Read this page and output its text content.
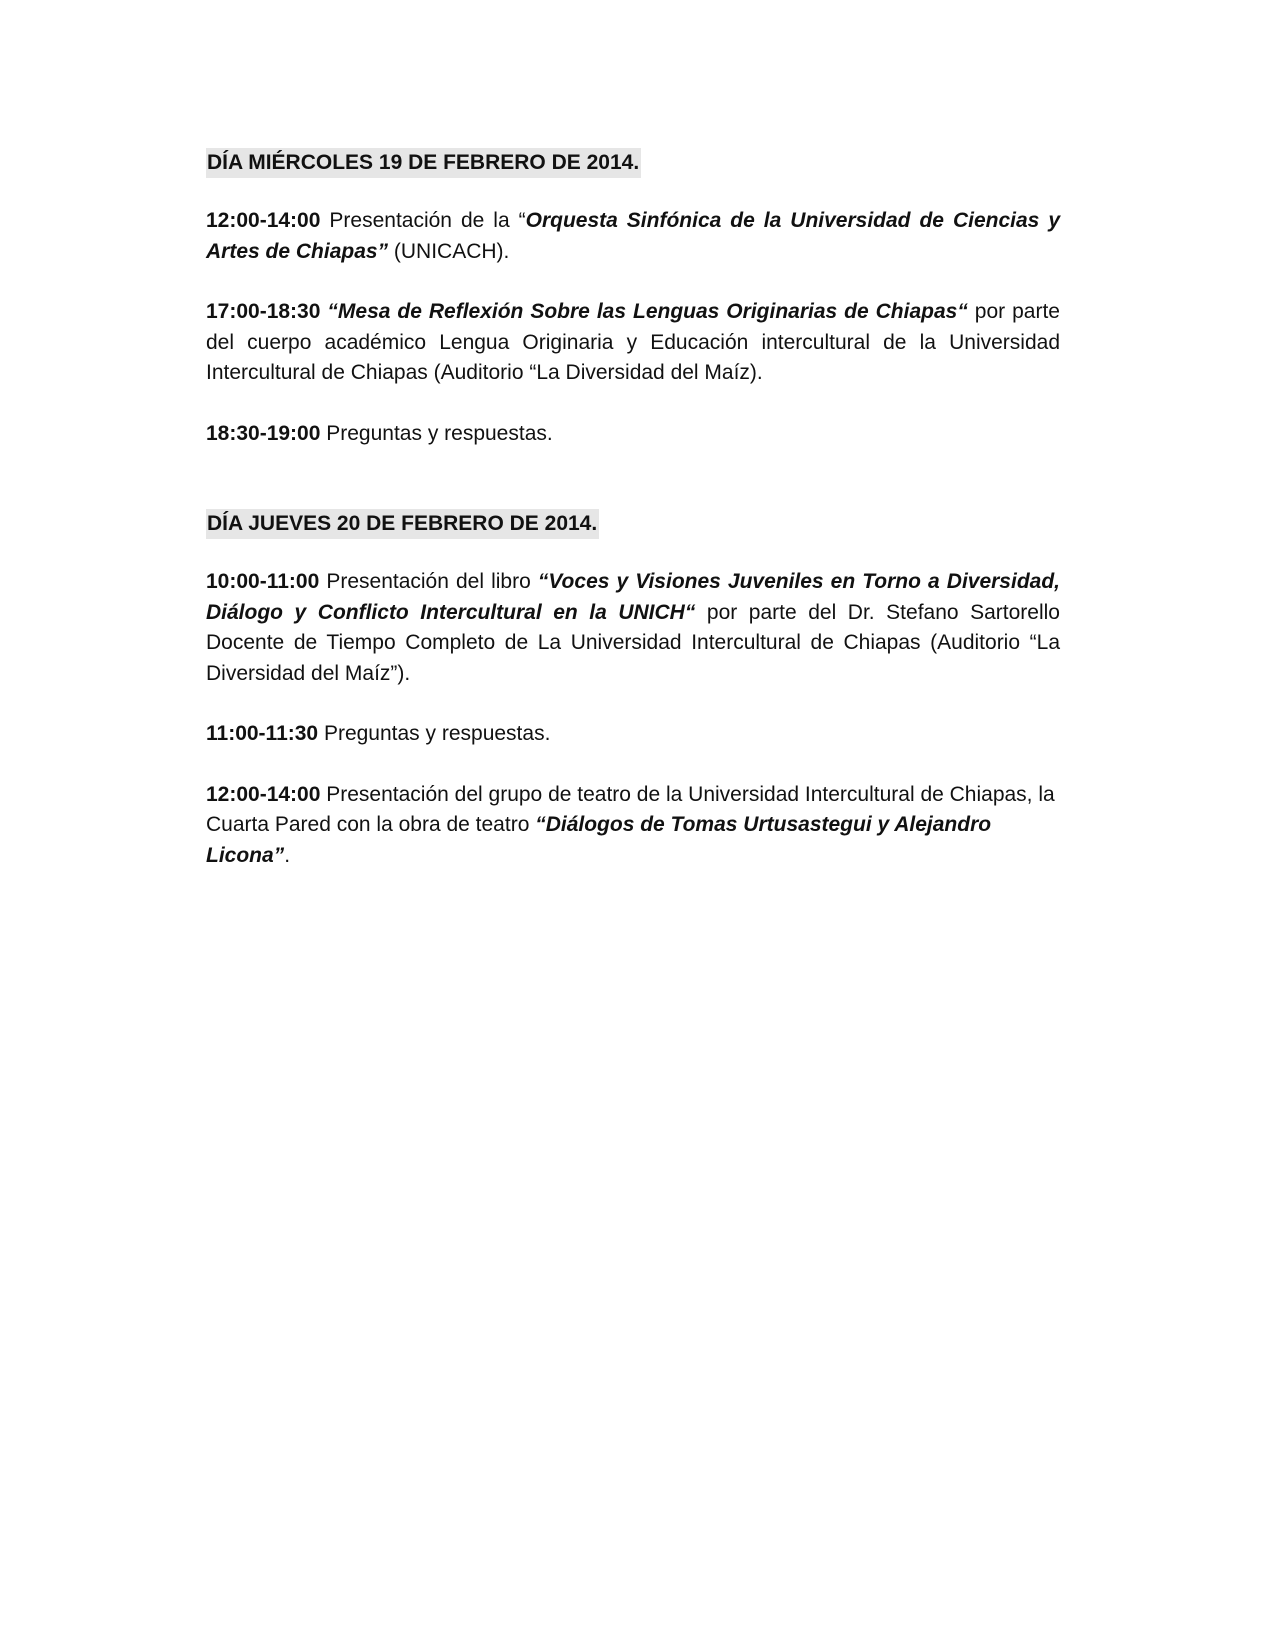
DÍA MIÉRCOLES 19 DE FEBRERO DE 2014.

12:00-14:00 Presentación de la “Orquesta Sinfónica de la Universidad de Ciencias y Artes de Chiapas” (UNICACH).

17:00-18:30 “Mesa de Reflexión Sobre las Lenguas Originarias de Chiapas“ por parte del cuerpo académico Lengua Originaria y Educación intercultural de la Universidad Intercultural de Chiapas (Auditorio “La Diversidad del Maíz).

18:30-19:00 Preguntas y respuestas.

DÍA JUEVES 20 DE FEBRERO DE 2014.

10:00-11:00 Presentación del libro “Voces y Visiones Juveniles en Torno a Diversidad, Diálogo y Conflicto Intercultural en la UNICH“ por parte del Dr. Stefano Sartorello Docente de Tiempo Completo de La Universidad Intercultural de Chiapas (Auditorio “La Diversidad del Maíz”).

11:00-11:30 Preguntas y respuestas.

12:00-14:00 Presentación del grupo de teatro de la Universidad Intercultural de Chiapas, la Cuarta Pared con la obra de teatro “Diálogos de Tomas Urtusastegui y Alejandro Licona”.
